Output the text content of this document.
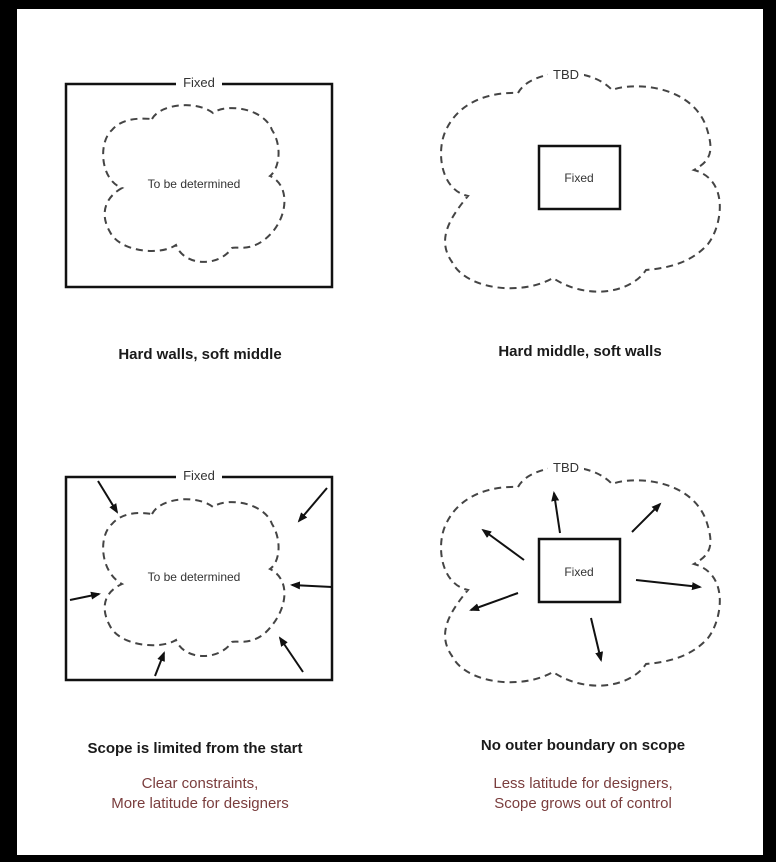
Fixed
To be determined
TBD
Fixed
Fixed
To be determined
TBD
Fixed
Hard walls, soft middle	Hard middle, soft walls
Scope is limited from the start
Clear constraints,
More latitude for designers
No outer boundary on scope
Less latitude for designers,
Scope grows out of control
